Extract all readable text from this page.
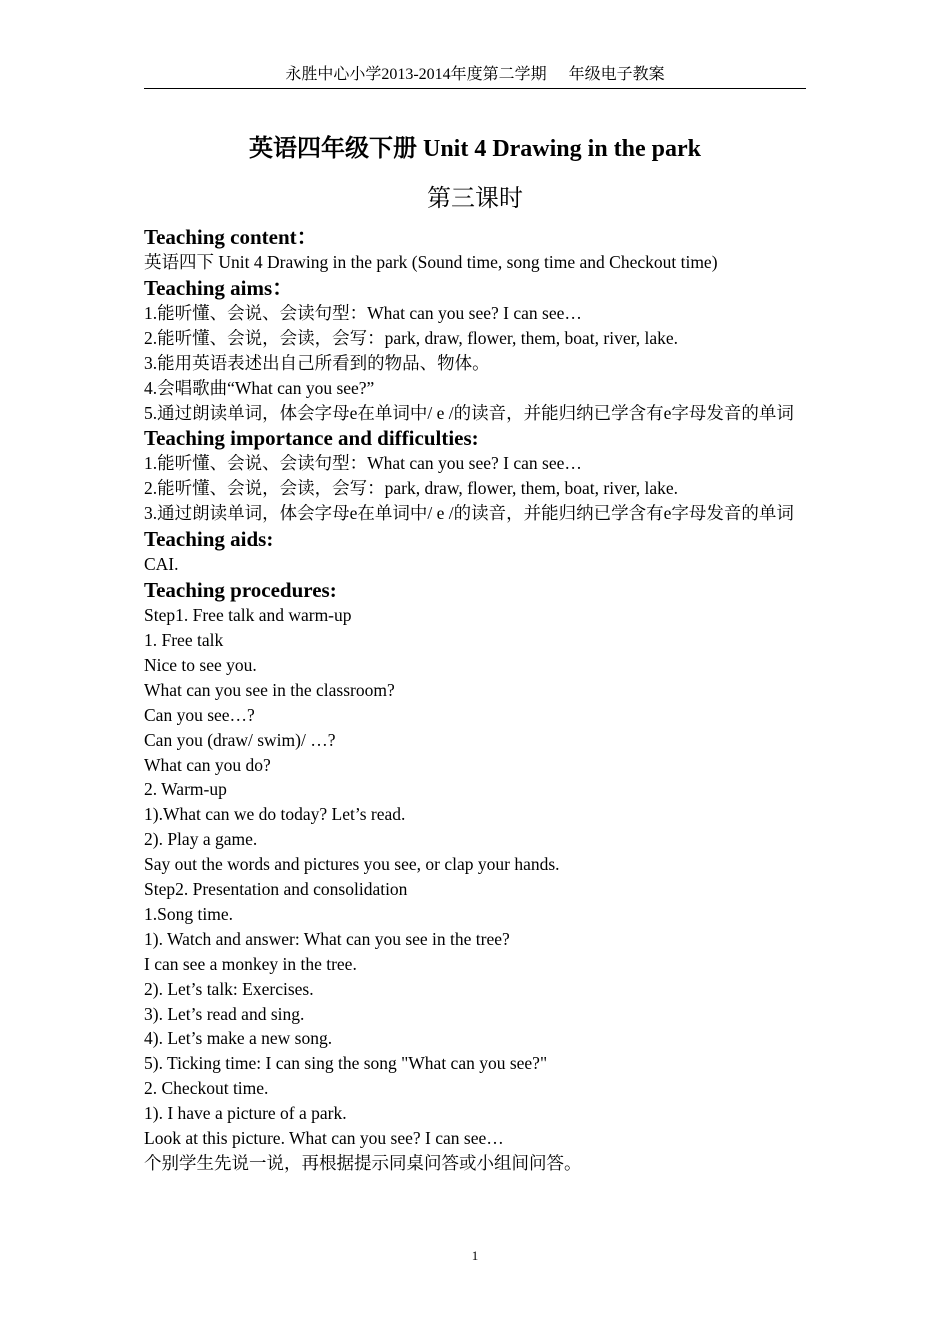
永胜中心小学2013-2014年度第二学期 年级电子教案
英语四年级下册 Unit 4 Drawing in the park
第三课时

Teaching content：

英语四下 Unit 4 Drawing in the park (Sound time, song time and Checkout time)

Teaching aims：

1.能听懂、会说、会读句型：What can you see? I can see…

2.能听懂、会说，会读，会写：park, draw, flower, them, boat, river, lake.

3.能用英语表述出自己所看到的物品、物体。

4.会唱歌曲“What can you see?”

5.通过朗读单词，体会字母e在单词中/ e /的读音，并能归纳已学含有e字母发音的单词

Teaching importance and difficulties:

1.能听懂、会说、会读句型：What can you see? I can see…

2.能听懂、会说，会读，会写：park, draw, flower, them, boat, river, lake.

3.通过朗读单词，体会字母e在单词中/ e /的读音，并能归纳已学含有e字母发音的单词

Teaching aids:

CAI.

Teaching procedures:

Step1. Free talk and warm-up

1. Free talk

Nice to see you.

What can you see in the classroom?

Can you see…?

Can you (draw/ swim)/ …?

What can you do?

2. Warm-up

1).What can we do today? Let’s read.

2). Play a game.

Say out the words and pictures you see, or clap your hands.

Step2. Presentation and consolidation

1.Song time.

1). Watch and answer: What can you see in the tree?

I can see a monkey in the tree.

2). Let’s talk: Exercises.

3). Let’s read and sing.

4). Let’s make a new song.

5). Ticking time: I can sing the song "What can you see?"

2. Checkout time.

1). I have a picture of a park.

Look at this picture. What can you see? I can see…

个别学生先说一说，再根据提示同桌问答或小组间问答。

1
